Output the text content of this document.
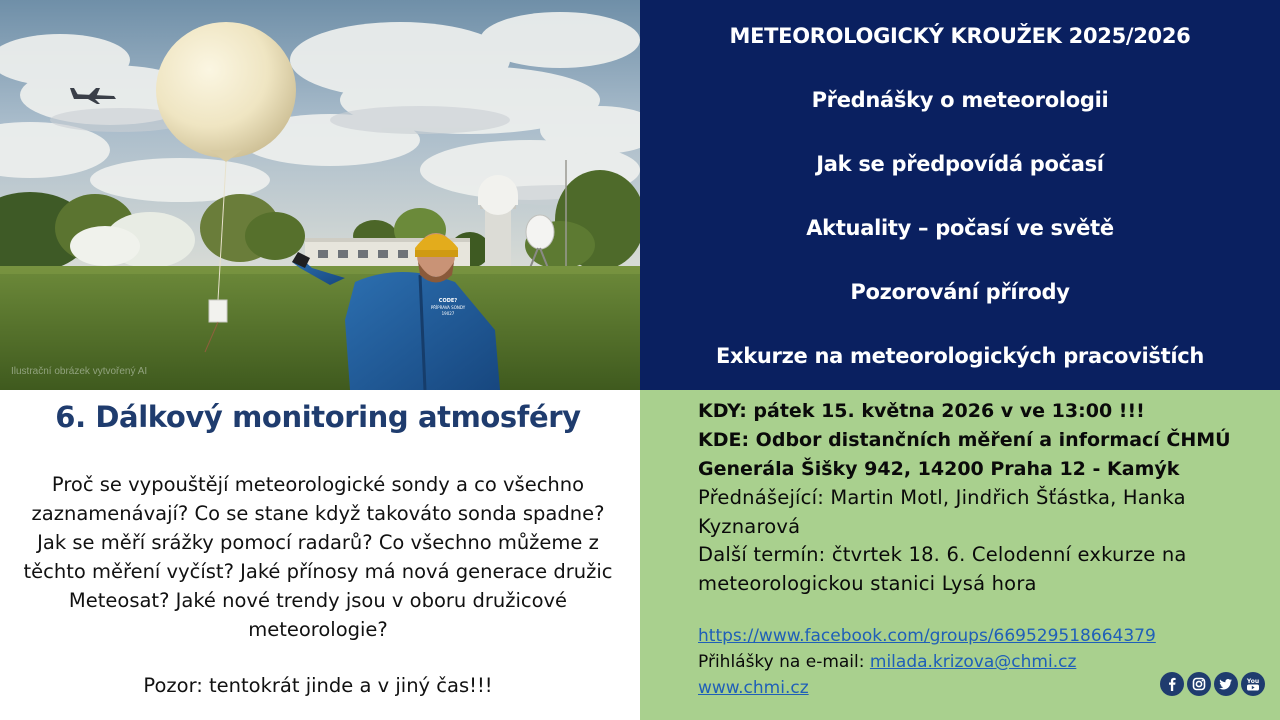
CODE?
PŘÍPRAVA SONDY
19027
Ilustrační obrázek vytvořený AI
METEOROLOGICKÝ KROUŽEK 2025/2026
Přednášky o meteorologii
Jak se předpovídá počasí
Aktuality – počasí ve světě
Pozorování přírody
Exkurze na meteorologických pracovištích
6. Dálkový monitoring atmosféry
Proč se vypouštějí meteorologické sondy a co všechno zaznamenávají? Co se stane když takováto sonda spadne? Jak se měří srážky pomocí radarů? Co všechno můžeme z těchto měření vyčíst? Jaké přínosy má nová generace družic Meteosat? Jaké nové trendy jsou v oboru družicové meteorologie?
Pozor: tentokrát jinde a v jiný čas!!!
KDY: pátek 15. května 2026 v ve 13:00 !!!
KDE: Odbor distančních měření a informací ČHMÚ
Generála Šišky 942, 14200 Praha 12 - Kamýk
Přednášející: Martin Motl, Jindřich Šťástka, Hanka
Kyznarová
Další termín: čtvrtek 18. 6. Celodenní exkurze na
meteorologickou stanici Lysá hora
https://www.facebook.com/groups/669529518664379
Přihlášky na e-mail: milada.krizova@chmi.cz
www.chmi.cz	You
